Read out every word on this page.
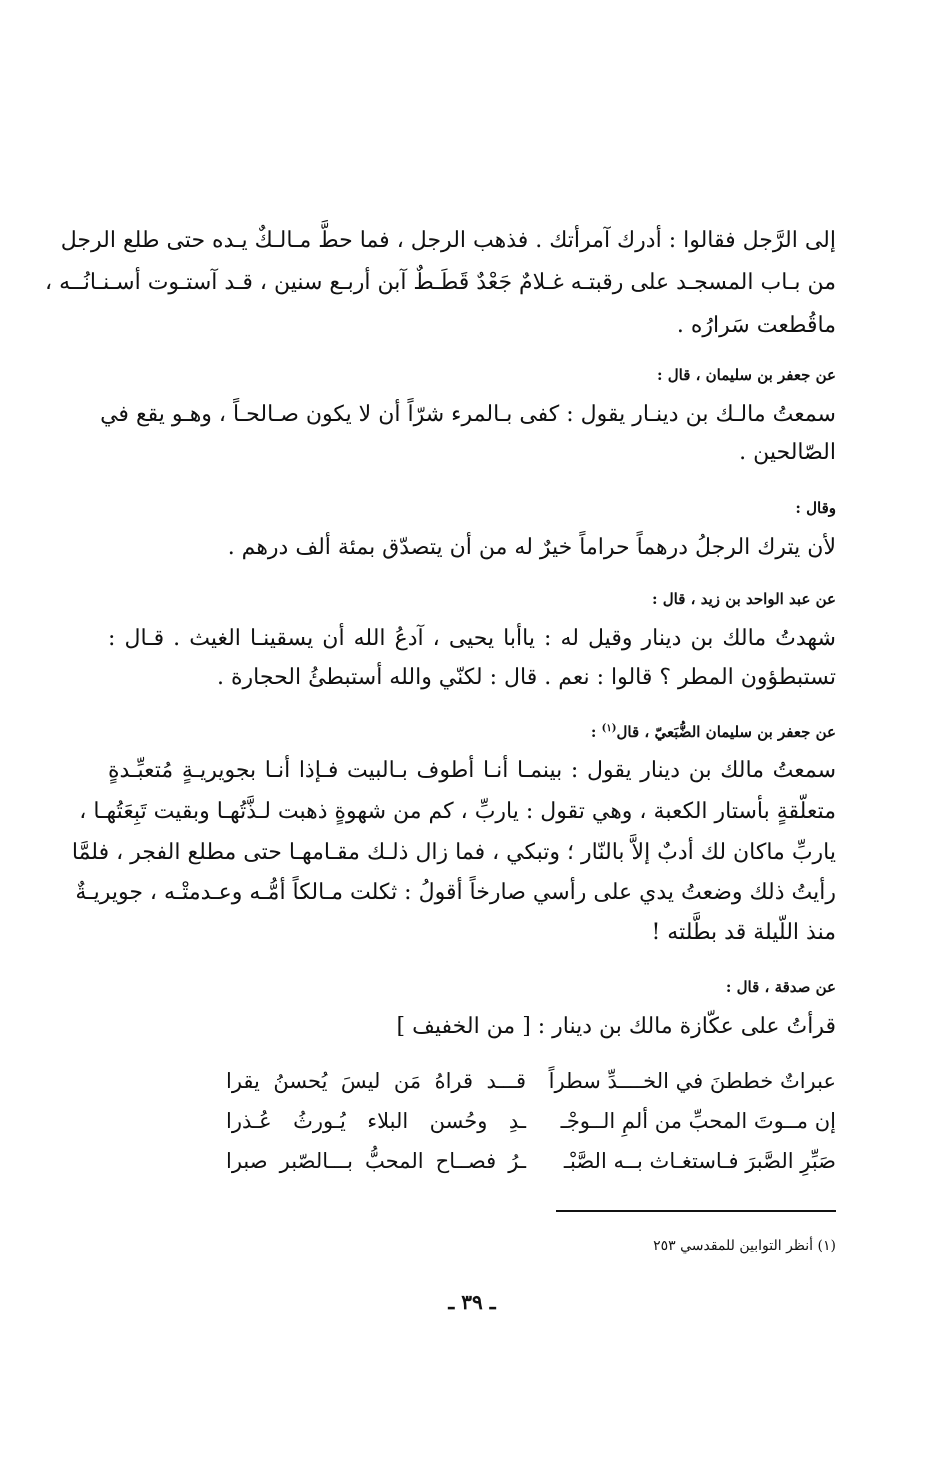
إلى الرَّجل فقالوا : أدرك آمرأتك . فذهب الرجل ، فما حطَّ مـالـكٌ يـده حتى طلع الرجل
من بـاب المسجـد على رقبتـه غـلامٌ جَعْدٌ قَطَـطٌ آبن أربـع سنين ، قـد آستـوت أسـنـانُــه ،
ماقُطعت سَرارُه .
عن جعفر بن سليمان ، قال :
سمعتُ مالـك بن دينـار يقول : كفى بـالمرء شرّاً أن لا يكون صـالحـاً ، وهـو يقع في
الصّالحين .
وقال :
لأن يترك الرجلُ درهماً حراماً خيرٌ له من أن يتصدّق بمئة ألف درهم .
عن عبد الواحد بن زيد ، قال :
شهدتُ مالك بن دينار وقيل له : ياأبا يحيى ، آدعُ الله أن يسقينـا الغيث . قـال :
تستبطؤون المطر ؟ قالوا : نعم . قال : لكنّي والله أستبطئُ الحجارة .
عن جعفر بن سليمان الضُّبَعيّ ، قال$^{(١)}$ :
سمعتُ مالك بن دينار يقول : بينمـا أنـا أطوف بـالبيت فـإذا أنـا بجويريـةٍ مُتعبِّـدةٍ
متعلّقةٍ بأستار الكعبة ، وهي تقول : ياربِّ ، كم من شهوةٍ ذهبت لـذَّتُهـا وبقيت تَبِعَتُهـا ،
ياربِّ ماكان لك أدبٌ إلاَّ بالنّار ؛ وتبكي ، فما زال ذلـك مقـامهـا حتى مطلع الفجر ، فلمَّا
رأيتُ ذلك وضعتُ يدي على رأسي صارخاً أقولُ : ثكلت مـالكاً أمُّـه وعـدمتْـه ، جويريـةٌ
منذ اللّيلة قد بطَّلته !
عن صدقة ، قال :
قرأتُ على عكّازة مالك بن دينار : [ من الخفيف ]
عبراتٌ خططنَ في الخــــدِّ سطراً
قـــد قراهُ مَن ليسَ يُحسنُ يقرا
إن مــوتَ المحبِّ من ألمِ الــوجْـ
ـدِ وحُسن البلاء يُـورثُ عُـذرا
صَبِّرِ الصَّبرَ فـاستغـاث بــه الصَّبْـ
ـرُ فصــاح المحبُّ بـــالصّبر صبرا
(١) أنظر التوابين للمقدسي ٢٥٣
ـ ٣٩ ـ
